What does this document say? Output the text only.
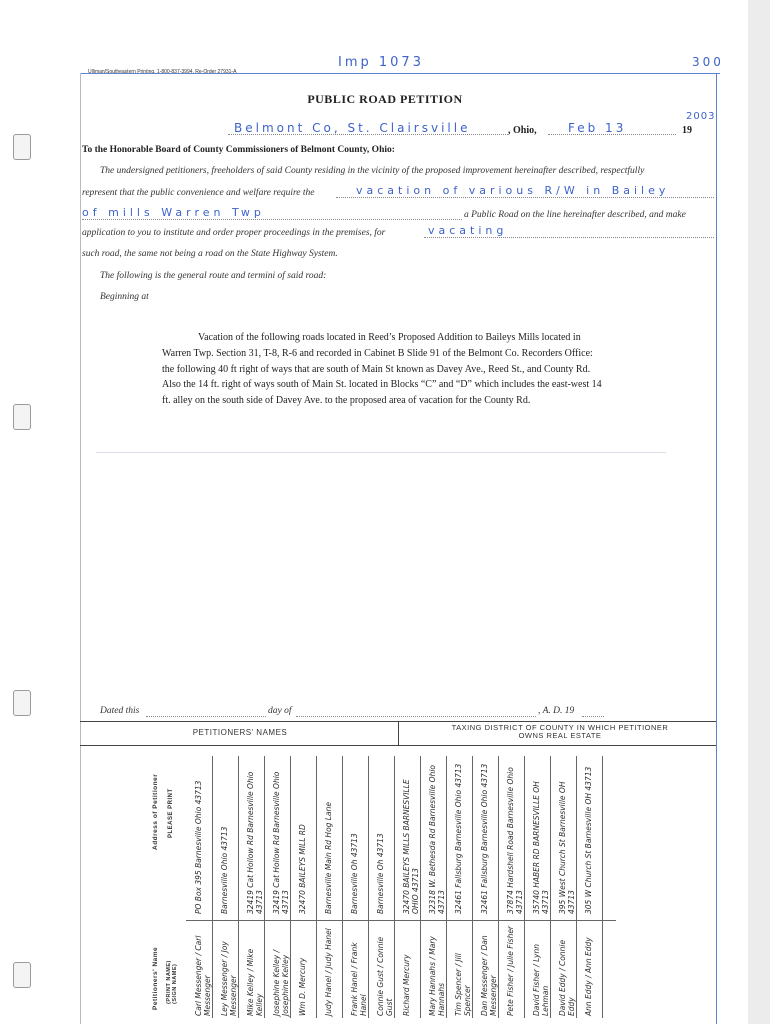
Imp 1073	300
Ulliman/Southeastern Printing, 1-800-837-3994, Re-Order 27931-A
PUBLIC ROAD PETITION
Belmont Co, St. Clairsville	, Ohio,	Feb 13	19
2003
To the Honorable Board of County Commissioners of Belmont County, Ohio:
The undersigned petitioners, freeholders of said County residing in the vicinity of the proposed improvement hereinafter described, respectfully
represent that the public convenience and welfare require the	vacation of various R/W in Bailey
of mills Warren Twp	a Public Road on the line hereinafter described, and make
application to you to institute and order proper proceedings in the premises, for	vacating
such road, the same not being a road on the State Highway System.
The following is the general route and termini of said road:
Beginning at
Vacation of the following roads located in Reed’s Proposed Addition to Baileys Mills located in Warren Twp. Section 31, T-8, R-6 and recorded in Cabinet B Slide 91 of the Belmont Co. Recorders Office: the following 40 ft right of ways that are south of Main St known as Davey Ave., Reed St., and County Rd. Also the 14 ft. right of ways south of Main St. located in Blocks “C” and “D” which includes the east-west 14 ft. alley on the south side of Davey Ave. to the proposed area of vacation for the County Rd.
Dated this	day of	, A. D. 19
PETITIONERS' NAMES
TAXING DISTRICT OF COUNTY IN WHICH PETITIONER OWNS REAL ESTATE
Address of Petitioner PLEASE PRINT
Petitioners' Name (PRINT NAME) (SIGN NAME)
PO Box 395 Barnesville Ohio 43713
Carl Messenger / Carl Messenger
Barnesville Ohio 43713
Ley Messenger / Joy Messenger
32419 Cat Hollow Rd Barnesville Ohio 43713
Mike Kelley / Mike Kelley
32419 Cat Hollow Rd Barnesville Ohio 43713
Josephine Kelley / Josephine Kelley
32470 BAILEYS MILL RD
Wm D. Mercury
Barnesville Main Rd Hog Lane
Judy Hanel / Judy Hanel
Barnesville Oh 43713
Frank Hanel / Frank Hanel
Barnesville Oh 43713
Connie Gust / Connie Gust
32470 BAILEYS MILLS BARNESVILLE OHIO 43713
Richard Mercury
32318 W. Bethesda Rd Barnesville Ohio 43713
Mary Hannahs / Mary Hannahs
32461 Fallsburg Barnesville Ohio 43713
Tim Spencer / Jill Spencer
32461 Fallsburg Barnesville Ohio 43713
Dan Messenger / Dan Messenger
37874 Hardshell Road Barnesville Ohio 43713
Pete Fisher / Julie Fisher
35740 HABER RD BARNESVILLE OH 43713
David Fisher / Lynn Lehman
395 West Church St Barnesville OH 43713
David Eddy / Connie Eddy
305 W Church St Barnesville OH 43713
Ann Eddy / Ann Eddy
